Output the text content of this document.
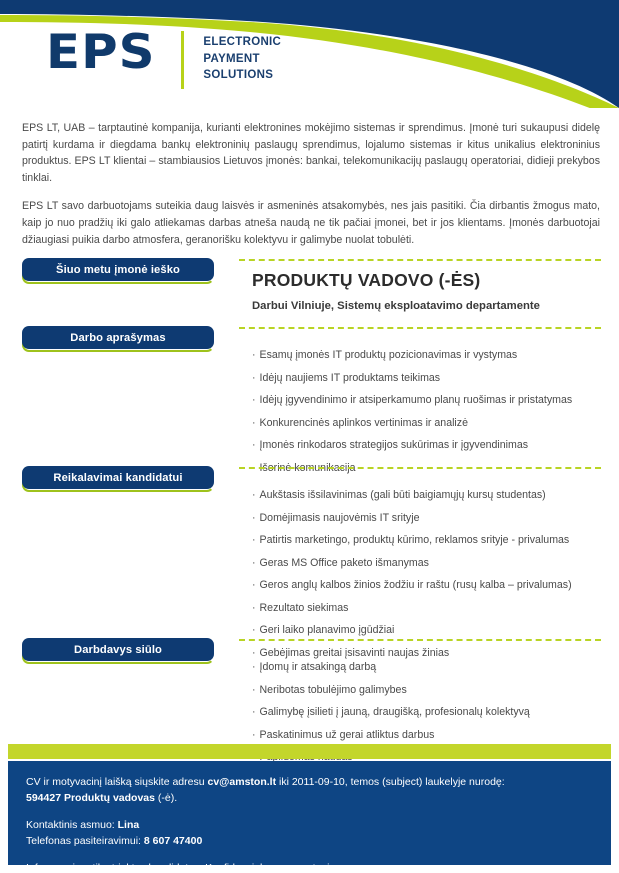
EPS	ELECTRONIC
PAYMENT
SOLUTIONS

EPS LT, UAB – tarptautinė kompanija, kurianti elektronines mokėjimo sistemas ir sprendimus. Įmonė turi sukaupusi didelę patirtį kurdama ir diegdama bankų elektroninių paslaugų sprendimus, lojalumo sistemas ir kitus unikalius elektroninius produktus. EPS LT klientai – stambiausios Lietuvos įmonės: bankai, telekomunikacijų paslaugų operatoriai, didieji prekybos tinklai.

EPS LT savo darbuotojams suteikia daug laisvės ir asmeninės atsakomybės, nes jais pasitiki. Čia dirbantis žmogus mato, kaip jo nuo pradžių iki galo atliekamas darbas atneša naudą ne tik pačiai įmonei, bet ir jos klientams. Įmonės darbuotojai džiaugiasi puikia darbo atmosfera, geranorišku kolektyvu ir galimybe nuolat tobulėti.

Šiuo metu įmonė ieško
PRODUKTŲ VADOVO (-ĖS)
Darbui Vilniuje, Sistemų eksploatavimo departamente
Darbo aprašymas
· Esamų įmonės IT produktų pozicionavimas ir vystymas
· Idėjų naujiems IT produktams teikimas
· Idėjų įgyvendinimo ir atsiperkamumo planų ruošimas ir pristatymas
· Konkurencinės aplinkos vertinimas ir analizė
· Įmonės rinkodaros strategijos sukūrimas ir įgyvendinimas
· Išorinė komunikacija
Reikalavimai kandidatui
· Aukštasis išsilavinimas (gali būti baigiamųjų kursų studentas)
· Domėjimasis naujovėmis IT srityje
· Patirtis marketingo, produktų kūrimo, reklamos srityje - privalumas
· Geras MS Office paketo išmanymas
· Geros anglų kalbos žinios žodžiu ir raštu (rusų kalba – privalumas)
· Rezultato siekimas
· Geri laiko planavimo įgūdžiai
· Gebėjimas greitai įsisavinti naujas žinias
Darbdavys siūlo
· Įdomų ir atsakingą darbą
· Neribotas tobulėjimo galimybes
· Galimybę įsilieti į jauną, draugišką, profesionalų kolektyvą
· Paskatinimus už gerai atliktus darbus

CV ir motyvacinį laišką siųskite adresu cv@amston.lt iki 2011-09-10, temos (subject) laukelyje nurodę:

594427 Produktų vadovas (-ė).

Kontaktinis asmuo: Lina

Telefonas pasiteiravimui: 8 607 47400

Informuosime tik atrinktus kandidatus. Konfidencialumą garantuojame.
